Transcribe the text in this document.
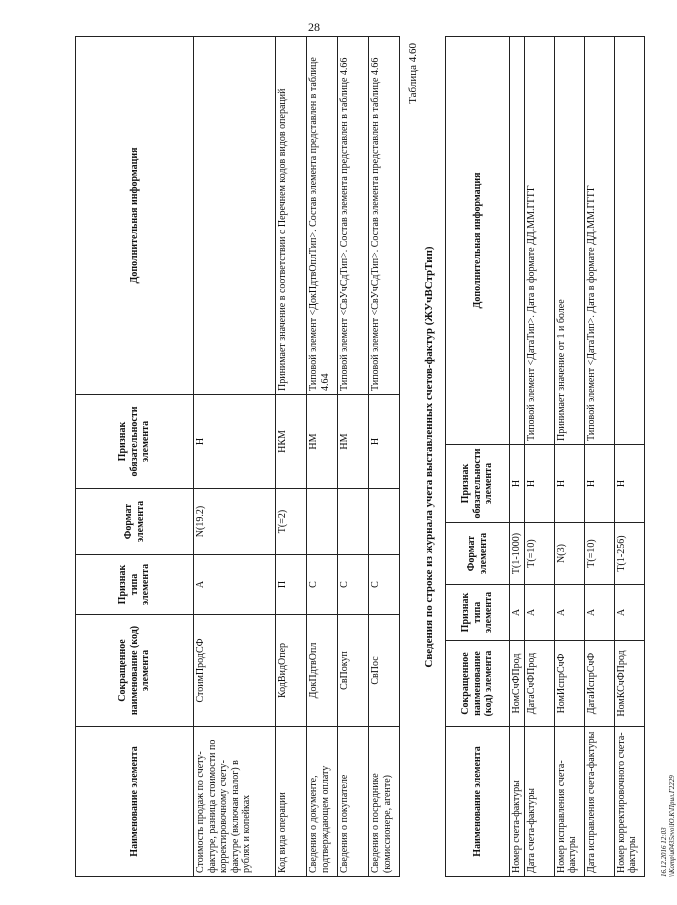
28
Наименование элемента	Сокращенное наименование (код) элемента	Признак типа элемента	Формат элемента	Признак обязательности элемента	Дополнительная информация
Стоимость продаж по счету-фактуре, разница стоимости по корректировочному счету-фактуре (включая налог) в рублях и копейках	СтоимПродСФ	А	N(19.2)	Н	
Код вида операции	КодВидОпер	П	T(=2)	НКМ	Принимает значение в соответствии с Перечнем кодов видов операций
Сведения о документе, подтверждающем оплату	ДокПдтвОпл	С		НМ	Типовой элемент <ДокПдтвОплТип>. Состав элемента представлен в таблице 4.64
Сведения о покупателе	СвПокуп	С		НМ	Типовой элемент <СвУчСдТип>. Состав элемента представлен в таблице 4.66
Сведения о посреднике (комиссионере, агенте)	СвПос	С		Н	Типовой элемент <СвУчСдТип>. Состав элемента представлен в таблице 4.66 Таблица 4.60
Сведения по строке из журнала учета выставленных счетов-фактур (ЖУчВСтрТип)
Наименование элемента	Сокращенное наименование (код) элемента	Признак типа элемента	Формат элемента	Признак обязательности элемента	Дополнительная информация
Номер счета-фактуры	НомСчФПрод	А	T(1-1000)	Н	
Дата счета-фактуры	ДатаСчФПрод	А	T(=10)	Н	Типовой элемент <ДатаТип>. Дата в формате ДД.ММ.ГГГГ
Номер исправления счета-фактуры	НомИспрСчФ	А	N(3)	Н	Принимает значение от 1 и более
Дата исправления счета-фактуры	ДатаИспрСчФ	А	T(=10)	Н	Типовой элемент <ДатаТип>. Дата в формате ДД.ММ.ГГГГ
Номер корректировочного счета-фактуры	НомКСчФПрод	А	T(1-256)	Н	
16.12.2016 12:03 \\Komp\u0435гvо\Ю.К\Прил.Г2229
